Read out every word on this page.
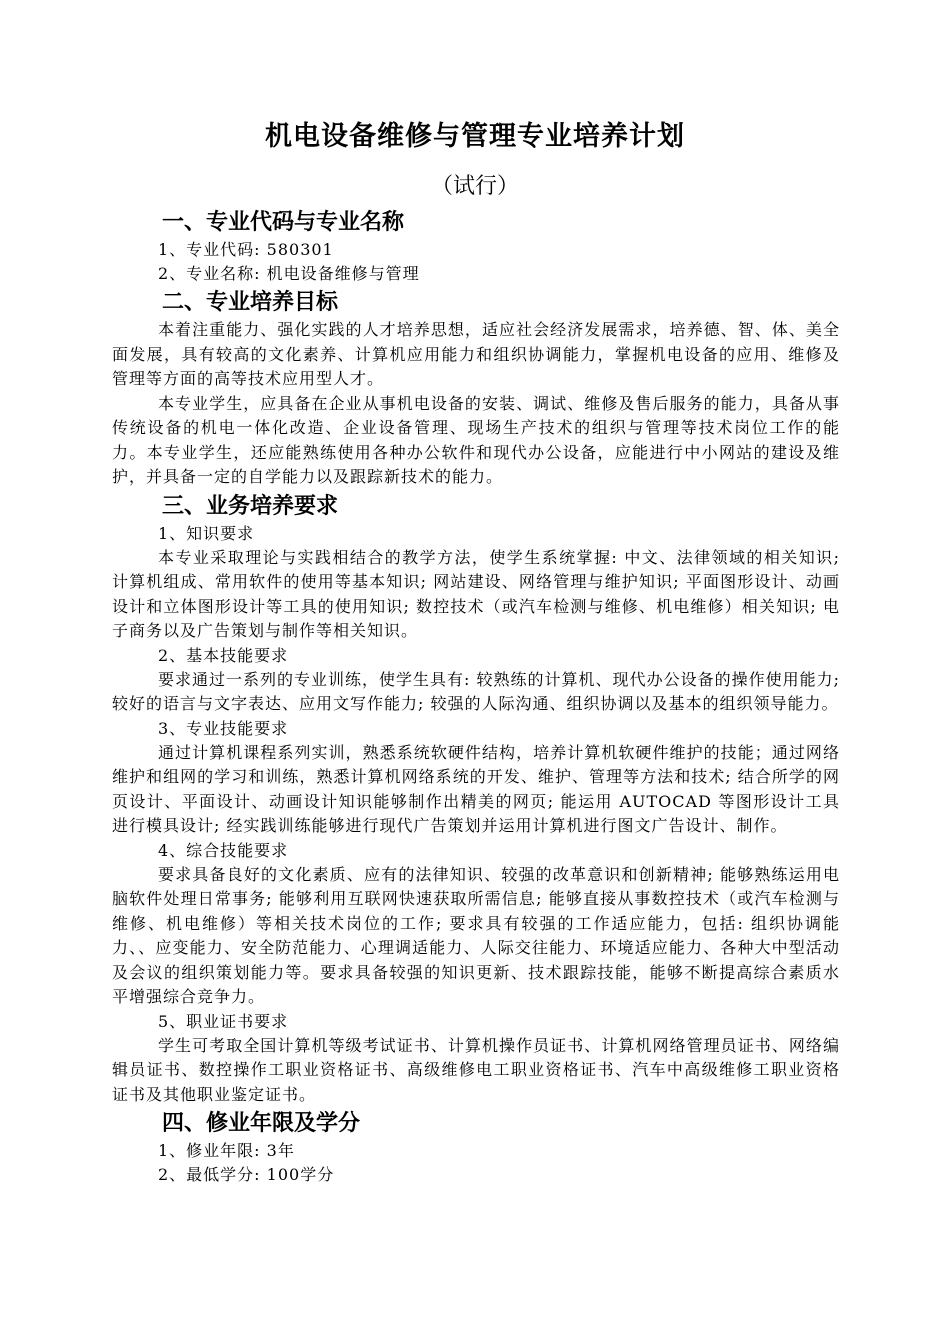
机电设备维修与管理专业培养计划
（试行）

一、专业代码与专业名称

1、专业代码: 580301

2、专业名称: 机电设备维修与管理

二、专业培养目标

本着注重能力、强化实践的人才培养思想，适应社会经济发展需求，培养德、智、体、美全面发展，具有较高的文化素养、计算机应用能力和组织协调能力，掌握机电设备的应用、维修及管理等方面的高等技术应用型人才。

本专业学生，应具备在企业从事机电设备的安装、调试、维修及售后服务的能力，具备从事传统设备的机电一体化改造、企业设备管理、现场生产技术的组织与管理等技术岗位工作的能力。本专业学生，还应能熟练使用各种办公软件和现代办公设备，应能进行中小网站的建设及维护，并具备一定的自学能力以及跟踪新技术的能力。

三、业务培养要求

1、知识要求

本专业采取理论与实践相结合的教学方法，使学生系统掌握: 中文、法律领域的相关知识; 计算机组成、常用软件的使用等基本知识; 网站建设、网络管理与维护知识; 平面图形设计、动画设计和立体图形设计等工具的使用知识; 数控技术（或汽车检测与维修、机电维修）相关知识; 电子商务以及广告策划与制作等相关知识。

2、基本技能要求

要求通过一系列的专业训练，使学生具有: 较熟练的计算机、现代办公设备的操作使用能力; 较好的语言与文字表达、应用文写作能力; 较强的人际沟通、组织协调以及基本的组织领导能力。

3、专业技能要求

通过计算机课程系列实训，熟悉系统软硬件结构，培养计算机软硬件维护的技能；通过网络维护和组网的学习和训练，熟悉计算机网络系统的开发、维护、管理等方法和技术; 结合所学的网页设计、平面设计、动画设计知识能够制作出精美的网页; 能运用 AUTOCAD 等图形设计工具进行模具设计; 经实践训练能够进行现代广告策划并运用计算机进行图文广告设计、制作。

4、综合技能要求

要求具备良好的文化素质、应有的法律知识、较强的改革意识和创新精神; 能够熟练运用电脑软件处理日常事务; 能够利用互联网快速获取所需信息; 能够直接从事数控技术（或汽车检测与维修、机电维修）等相关技术岗位的工作; 要求具有较强的工作适应能力，包括: 组织协调能力、、应变能力、安全防范能力、心理调适能力、人际交往能力、环境适应能力、各种大中型活动及会议的组织策划能力等。要求具备较强的知识更新、技术跟踪技能，能够不断提高综合素质水平增强综合竞争力。

5、职业证书要求

学生可考取全国计算机等级考试证书、计算机操作员证书、计算机网络管理员证书、网络编辑员证书、数控操作工职业资格证书、高级维修电工职业资格证书、汽车中高级维修工职业资格证书及其他职业鉴定证书。

四、修业年限及学分

1、修业年限: 3年

2、最低学分: 100学分
